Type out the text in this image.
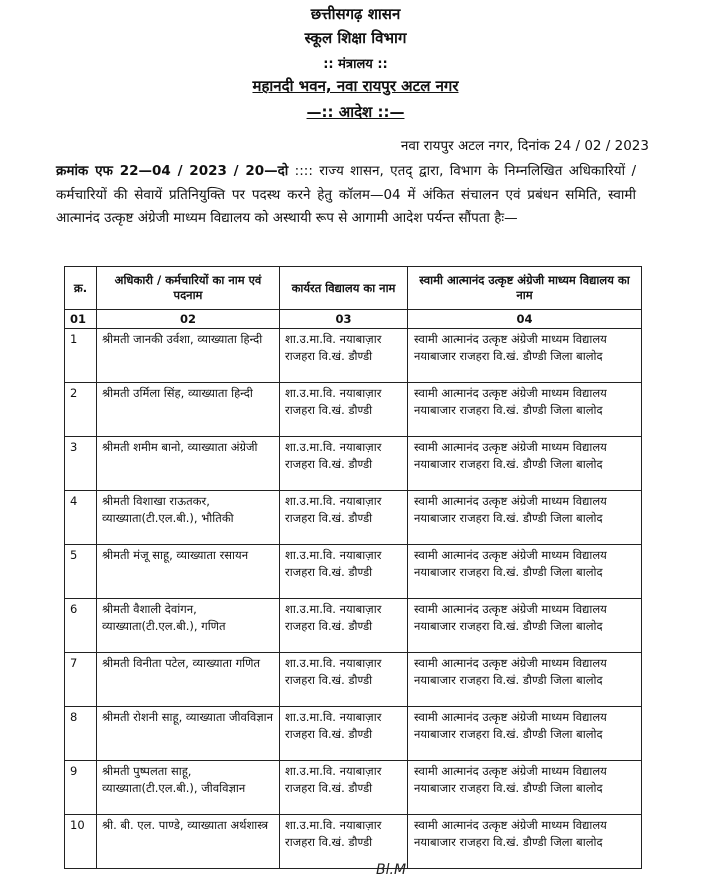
छत्तीसगढ़ शासन
स्कूल शिक्षा विभाग
:: मंत्रालय ::
महानदी भवन, नवा रायपुर अटल नगर
—:: आदेश ::—
नवा रायपुर अटल नगर, दिनांक 24 / 02 / 2023
क्रमांक एफ 22—04 / 2023 / 20—दो :::: राज्य शासन, एतद् द्वारा, विभाग के निम्नलिखित अधिकारियों / कर्मचारियों की सेवायें प्रतिनियुक्ति पर पदस्थ करने हेतु कॉलम—04 में अंकित संचालन एवं प्रबंधन समिति, स्वामी आत्मानंद उत्कृष्ट अंग्रेजी माध्यम विद्यालय को अस्थायी रूप से आगामी आदेश पर्यन्त सौंपता हैः—
क्र.	अधिकारी / कर्मचारियों का नाम एवं पदनाम	कार्यरत विद्यालय का नाम	स्वामी आत्मानंद उत्कृष्ट अंग्रेजी माध्यम विद्यालय का नाम
01	02	03	04
1	श्रीमती जानकी उर्वशा, व्याख्याता हिन्दी	शा.उ.मा.वि. नयाबाज़ार राजहरा वि.खं. डौण्डी	स्वामी आत्मानंद उत्कृष्ट अंग्रेजी माध्यम विद्यालय नयाबाजार राजहरा वि.खं. डौण्डी जिला बालोद
2	श्रीमती उर्मिला सिंह, व्याख्याता हिन्दी	शा.उ.मा.वि. नयाबाज़ार राजहरा वि.खं. डौण्डी	स्वामी आत्मानंद उत्कृष्ट अंग्रेजी माध्यम विद्यालय नयाबाजार राजहरा वि.खं. डौण्डी जिला बालोद
3	श्रीमती शमीम बानो, व्याख्याता अंग्रेजी	शा.उ.मा.वि. नयाबाज़ार राजहरा वि.खं. डौण्डी	स्वामी आत्मानंद उत्कृष्ट अंग्रेजी माध्यम विद्यालय नयाबाजार राजहरा वि.खं. डौण्डी जिला बालोद
4	श्रीमती विशाखा राऊतकर, व्याख्याता(टी.एल.बी.), भौतिकी	शा.उ.मा.वि. नयाबाज़ार राजहरा वि.खं. डौण्डी	स्वामी आत्मानंद उत्कृष्ट अंग्रेजी माध्यम विद्यालय नयाबाजार राजहरा वि.खं. डौण्डी जिला बालोद
5	श्रीमती मंजू साहू, व्याख्याता रसायन	शा.उ.मा.वि. नयाबाज़ार राजहरा वि.खं. डौण्डी	स्वामी आत्मानंद उत्कृष्ट अंग्रेजी माध्यम विद्यालय नयाबाजार राजहरा वि.खं. डौण्डी जिला बालोद
6	श्रीमती वैशाली देवांगन, व्याख्याता(टी.एल.बी.), गणित	शा.उ.मा.वि. नयाबाज़ार राजहरा वि.खं. डौण्डी	स्वामी आत्मानंद उत्कृष्ट अंग्रेजी माध्यम विद्यालय नयाबाजार राजहरा वि.खं. डौण्डी जिला बालोद
7	श्रीमती विनीता पटेल, व्याख्याता गणित	शा.उ.मा.वि. नयाबाज़ार राजहरा वि.खं. डौण्डी	स्वामी आत्मानंद उत्कृष्ट अंग्रेजी माध्यम विद्यालय नयाबाजार राजहरा वि.खं. डौण्डी जिला बालोद
8	श्रीमती रोशनी साहू, व्याख्याता जीवविज्ञान	शा.उ.मा.वि. नयाबाज़ार राजहरा वि.खं. डौण्डी	स्वामी आत्मानंद उत्कृष्ट अंग्रेजी माध्यम विद्यालय नयाबाजार राजहरा वि.खं. डौण्डी जिला बालोद
9	श्रीमती पुष्पलता साहू, व्याख्याता(टी.एल.बी.), जीवविज्ञान	शा.उ.मा.वि. नयाबाज़ार राजहरा वि.खं. डौण्डी	स्वामी आत्मानंद उत्कृष्ट अंग्रेजी माध्यम विद्यालय नयाबाजार राजहरा वि.खं. डौण्डी जिला बालोद
10	श्री. बी. एल. पाण्डे, व्याख्याता अर्थशास्त्र	शा.उ.मा.वि. नयाबाज़ार राजहरा वि.खं. डौण्डी	स्वामी आत्मानंद उत्कृष्ट अंग्रेजी माध्यम विद्यालय नयाबाजार राजहरा वि.खं. डौण्डी जिला बालोद
Bl.M
